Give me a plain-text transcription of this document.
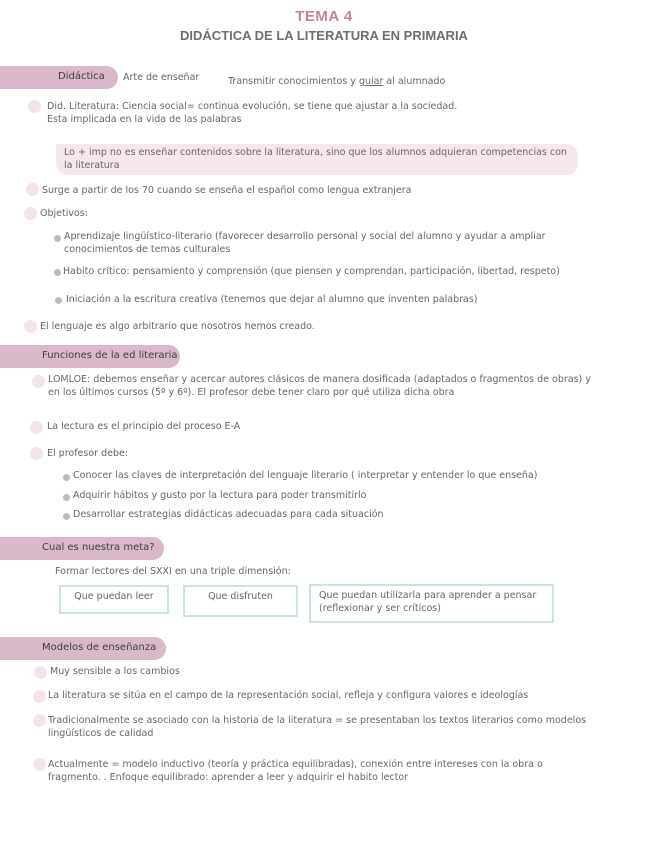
TEMA 4
DIDÁCTICA DE LA LITERATURA EN PRIMARIA
Didáctica	Arte de enseñar	Transmitir conocimientos y guiar al alumnado
Did. Literatura: Ciencia social= continua evolución, se tiene que ajustar a la sociedad.
Esta implicada en la vida de las palabras
Lo + imp no es enseñar contenidos sobre la literatura, sino que los alumnos adquieran competencias con la literatura
Surge a partir de los 70 cuando se enseña el español como lengua extranjera
Objetivos:
Aprendizaje lingüístico-literario (favorecer desarrollo personal y social del alumno y ayudar a ampliar conocimientos de temas culturales
Habito crítico: pensamiento y comprensión (que piensen y comprendan, participación, libertad, respeto)
Iniciación a la escritura creativa (tenemos que dejar al alumno que inventen palabras)
El lenguaje es algo arbitrario que nosotros hemos creado.
Funciones de la ed literaria
LOMLOE: debemos enseñar y acercar autores clásicos de manera dosificada (adaptados o fragmentos de obras) y en los últimos cursos (5º y 6º). El profesor debe tener claro por qué utiliza dicha obra
La lectura es el principio del proceso E-A
El profesor debe:
Conocer las claves de interpretación del lenguaje literario ( interpretar y entender lo que enseña)
Adquirir hábitos y gusto por la lectura para poder transmitirlo
Desarrollar estrategias didácticas adecuadas para cada situación
Cual es nuestra meta?
Formar lectores del SXXI en una triple dimensión:
Que puedan leer	Que disfruten	Que puedan utilizarla para aprender a pensar (reflexionar y ser críticos)
Modelos de enseñanza
Muy sensible a los cambios
La literatura se sitúa en el campo de la representación social, refleja y configura valores e ideologías
Tradicionalmente se asociado con la historia de la literatura = se presentaban los textos literarios como modelos lingüísticos de calidad
Actualmente = modelo inductivo (teoría y práctica equilibradas), conexión entre intereses con la obra o fragmento. . Enfoque equilibrado: aprender a leer y adquirir el habito lector
